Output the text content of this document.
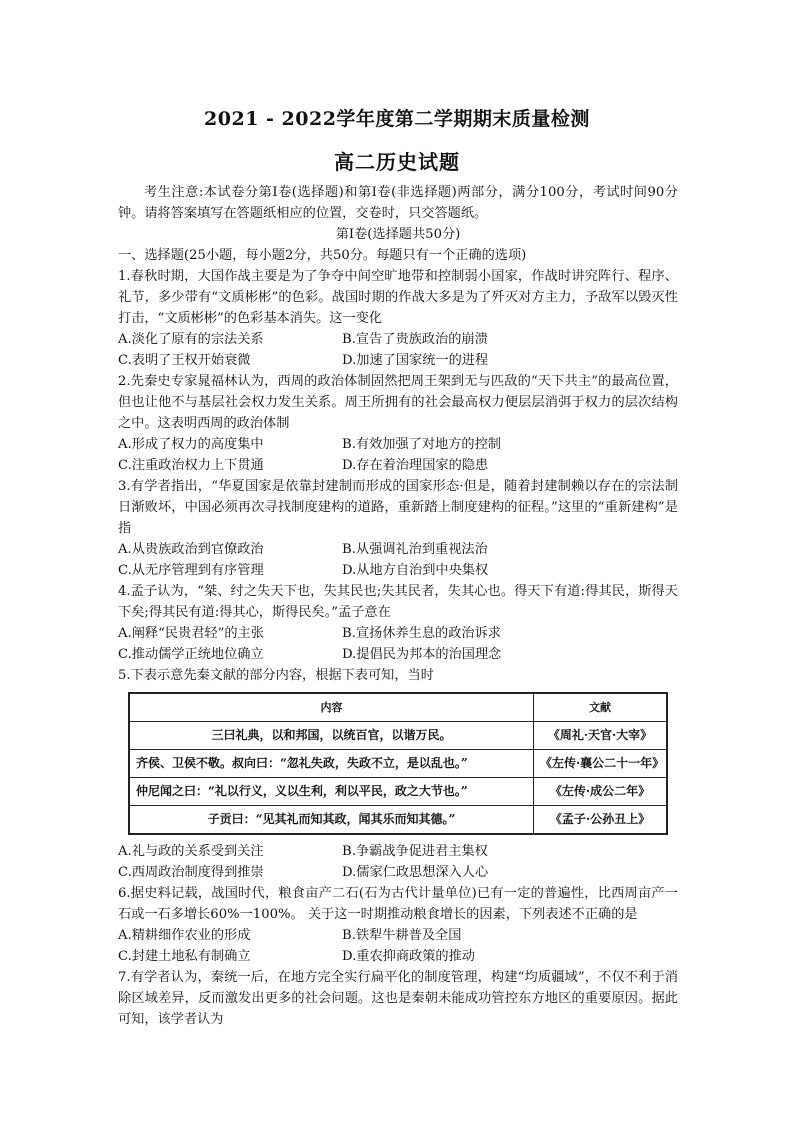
2021 - 2022学年度第二学期期末质量检测
高二历史试题

考生注意:本试卷分第Ⅰ卷(选择题)和第Ⅰ卷(非选择题)两部分，满分100分，考试时间90分钟。请将答案填写在答题纸相应的位置，交卷时，只交答题纸。

第Ⅰ卷(选择题共50分)

一、选择题(25小题，每小题2分，共50分。每题只有一个正确的选项)

1.春秋时期，大国作战主要是为了争夺中间空旷地带和控制弱小国家，作战时讲究阵行、程序、礼节，多少带有“文质彬彬”的色彩。战国时期的作战大多是为了歼灭对方主力，予敌军以毁灭性打击，“文质彬彬”的色彩基本消失。这一变化

A.淡化了原有的宗法关系	B.宣告了贵族政治的崩溃
C.表明了王权开始衰微	D.加速了国家统一的进程

2.先秦史专家晁福林认为，西周的政治体制固然把周王架到无与匹敌的“天下共主”的最高位置，但也让他不与基层社会权力发生关系。周王所拥有的社会最高权力便层层消弭于权力的层次结构之中。这表明西周的政治体制

A.形成了权力的高度集中	B.有效加强了对地方的控制
C.注重政治权力上下贯通	D.存在着治理国家的隐患

3.有学者指出，“华夏国家是依靠封建制而形成的国家形态·但是，随着封建制赖以存在的宗法制日渐败坏，中国必须再次寻找制度建构的道路，重新踏上制度建构的征程。”这里的“重新建构”是指

A.从贵族政治到官僚政治	B.从强调礼治到重视法治
C.从无序管理到有序管理	D.从地方自治到中央集权

4.孟子认为，“桀、纣之失天下也，失其民也;失其民者，失其心也。得天下有道:得其民，斯得天下矣;得其民有道:得其心，斯得民矣。”孟子意在

A.阐释“民贵君轻”的主张	B.宣扬休养生息的政治诉求
C.推动儒学正统地位确立	D.提倡民为邦本的治国理念

5.下表示意先秦文献的部分内容，根据下表可知，当时

内容	文献
三曰礼典，以和邦国，以统百官，以谐万民。	《周礼·天官·大宰》
齐侯、卫侯不敬。叔向曰：“忽礼失政，失政不立，是以乱也。”	《左传·襄公二十一年》
仲尼闻之曰：“礼以行义，义以生利，利以平民，政之大节也。”	《左传·成公二年》
子贡曰：“见其礼而知其政，闻其乐而知其德。”	《孟子·公孙丑上》
A.礼与政的关系受到关注	B.争霸战争促进君主集权
C.西周政治制度得到推崇	D.儒家仁政思想深入人心

6.据史料记载，战国时代，粮食亩产二石(石为古代计量单位)已有一定的普遍性，比西周亩产一石或一石多增长60%一100%。 关于这一时期推动粮食增长的因素，下列表述不正确的是

A.精耕细作农业的形成	B.铁犁牛耕普及全国
C.封建土地私有制确立	D.重农抑商政策的推动

7.有学者认为，秦统一后，在地方完全实行扁平化的制度管理，构建“均质疆域”，不仅不利于消除区域差异，反而激发出更多的社会问题。这也是秦朝未能成功管控东方地区的重要原因。据此可知，该学者认为
